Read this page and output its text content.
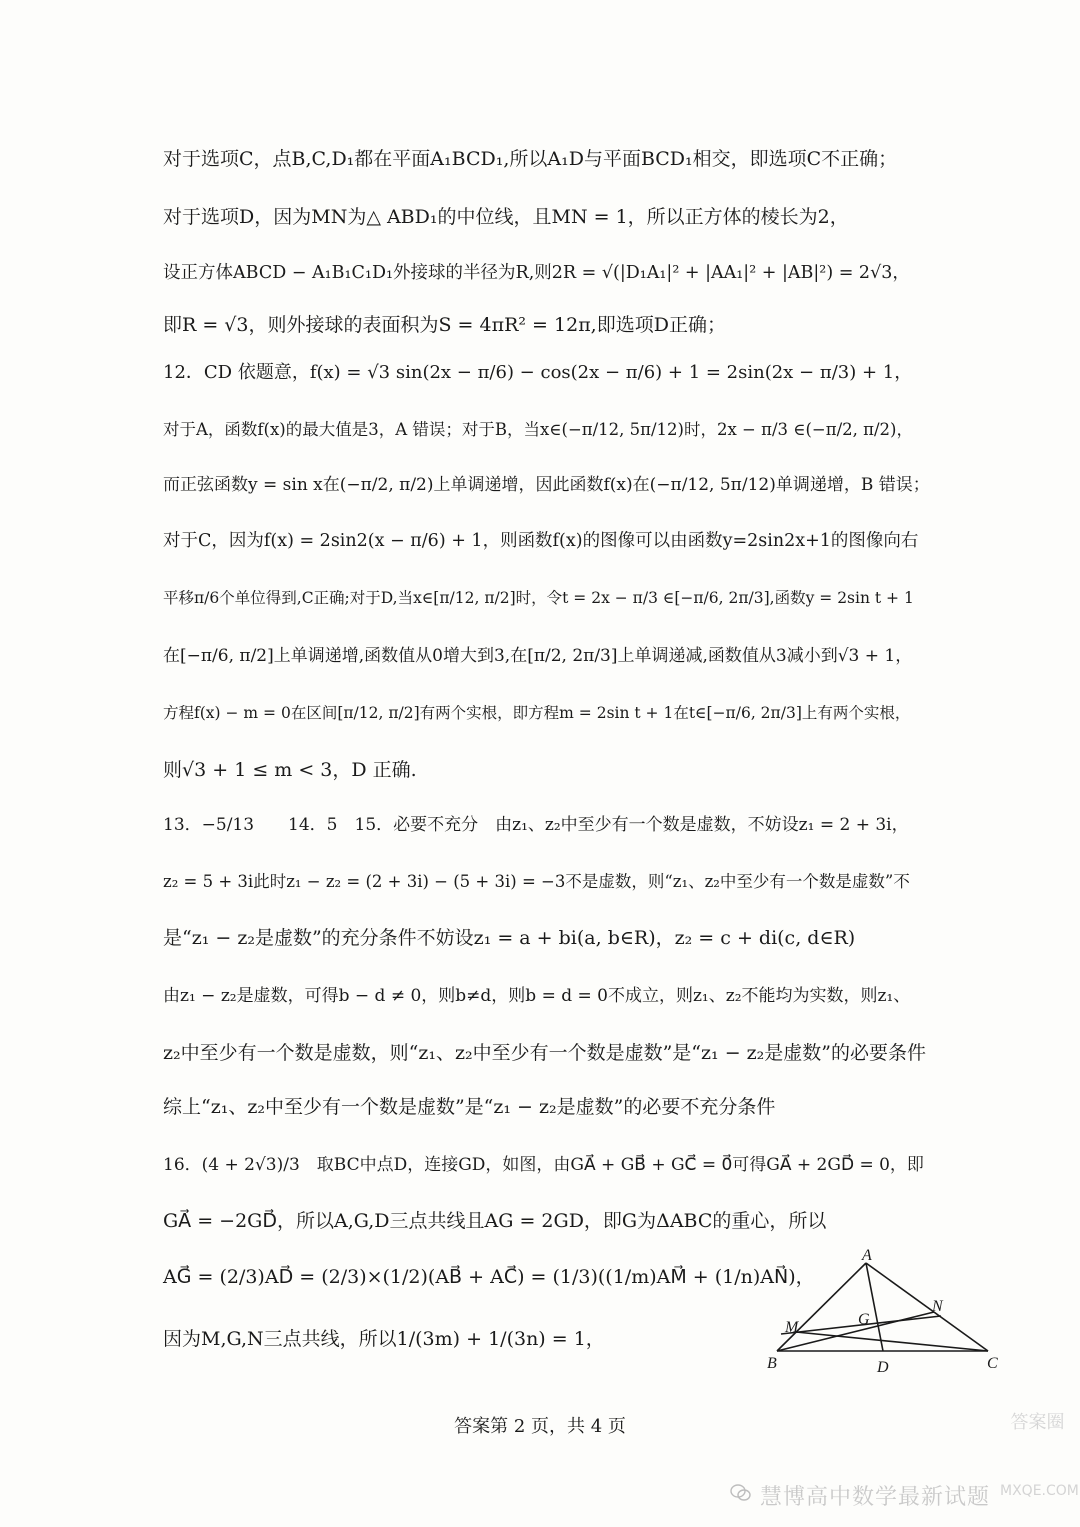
对于选项C，点B,C,D₁都在平面A₁BCD₁,所以A₁D与平面BCD₁相交，即选项C不正确；
对于选项D，因为MN为△ ABD₁的中位线，且MN = 1，所以正方体的棱长为2，
设正方体ABCD − A₁B₁C₁D₁外接球的半径为R,则2R = √(|D₁A₁|² + |AA₁|² + |AB|²) = 2√3，
即R = √3，则外接球的表面积为S = 4πR² = 12π,即选项D正确；
12．CD 依题意，f(x) = √3 sin(2x − π/6) − cos(2x − π/6) + 1 = 2sin(2x − π/3) + 1，
对于A，函数f(x)的最大值是3，A 错误；对于B，当x∈(−π/12, 5π/12)时，2x − π/3 ∈(−π/2, π/2)，
而正弦函数y = sin x在(−π/2, π/2)上单调递增，因此函数f(x)在(−π/12, 5π/12)单调递增，B 错误；
对于C，因为f(x) = 2sin2(x − π/6) + 1，则函数f(x)的图像可以由函数y=2sin2x+1的图像向右
平移π/6个单位得到,C正确;对于D,当x∈[π/12, π/2]时，令t = 2x − π/3 ∈[−π/6, 2π/3],函数y = 2sin t + 1
在[−π/6, π/2]上单调递增,函数值从0增大到3,在[π/2, 2π/3]上单调递减,函数值从3减小到√3 + 1，
方程f(x) − m = 0在区间[π/12, π/2]有两个实根，即方程m = 2sin t + 1在t∈[−π/6, 2π/3]上有两个实根，
则√3 + 1 ≤ m < 3，D 正确.
13．−5/13　　14．5　15．必要不充分　由z₁、z₂中至少有一个数是虚数，不妨设z₁ = 2 + 3i，
z₂ = 5 + 3i此时z₁ − z₂ = (2 + 3i) − (5 + 3i) = −3不是虚数，则“z₁、z₂中至少有一个数是虚数”不
是“z₁ − z₂是虚数”的充分条件不妨设z₁ = a + bi(a, b∈R)，z₂ = c + di(c, d∈R)
由z₁ − z₂是虚数，可得b − d ≠ 0，则b≠d，则b = d = 0不成立，则z₁、z₂不能均为实数，则z₁、
z₂中至少有一个数是虚数，则“z₁、z₂中至少有一个数是虚数”是“z₁ − z₂是虚数”的必要条件
综上“z₁、z₂中至少有一个数是虚数”是“z₁ − z₂是虚数”的必要不充分条件
16．(4 + 2√3)/3　取BC中点D，连接GD，如图，由GA⃗ + GB⃗ + GC⃗ = 0⃗可得GA⃗ + 2GD⃗ = 0，即
GA⃗ = −2GD⃗，所以A,G,D三点共线且AG = 2GD，即G为ΔABC的重心，所以
AG⃗ = (2/3)AD⃗ = (2/3)×(1/2)(AB⃗ + AC⃗) = (1/3)((1/m)AM⃗ + (1/n)AN⃗)，
因为M,G,N三点共线，所以1/(3m) + 1/(3n) = 1，
A
B	C
D
G
M
N
答案第 2 页，共 4 页
慧博高中数学最新试题
答案圈
MXQE.COM
